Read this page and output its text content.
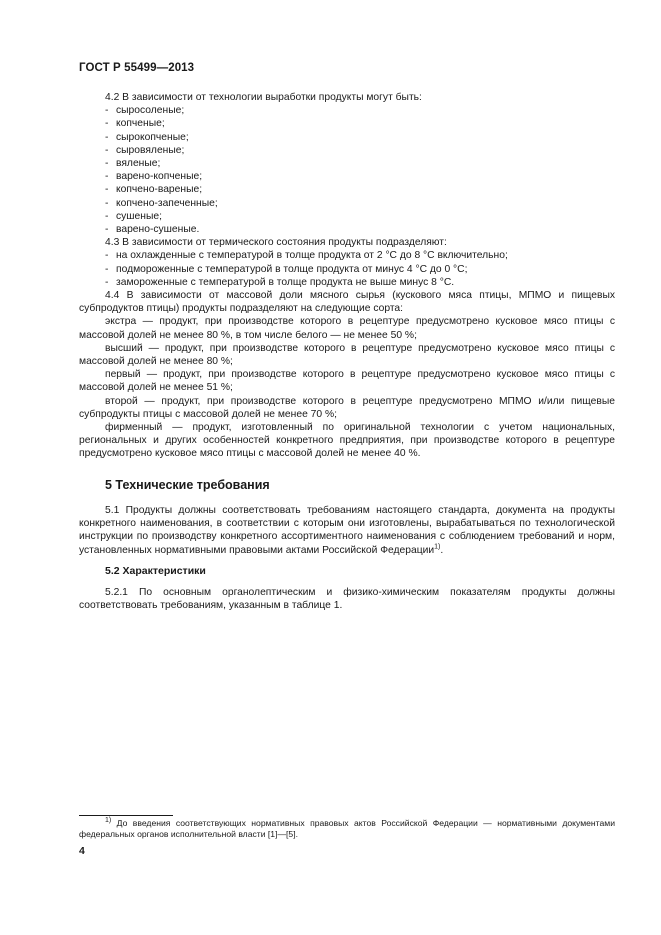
ГОСТ Р 55499—2013

4.2 В зависимости от технологии выработки продукты могут быть:

- сыросоленые;

- копченые;

- сырокопченые;

- сыровяленые;

- вяленые;

- варено-копченые;

- копчено-вареные;

- копчено-запеченные;

- сушеные;

- варено-сушеные.

4.3 В зависимости от термического состояния продукты подразделяют:

- на охлажденные с температурой в толще продукта от 2 °С до 8 °С включительно;

- подмороженные с температурой в толще продукта от минус 4 °С до 0 °С;

- замороженные с температурой в толще продукта не выше минус 8 °С.

4.4 В зависимости от массовой доли мясного сырья (кускового мяса птицы, МПМО и пищевых субпродуктов птицы) продукты подразделяют на следующие сорта:

экстра — продукт, при производстве которого в рецептуре предусмотрено кусковое мясо птицы с массовой долей не менее 80 %, в том числе белого — не менее 50 %;

высший — продукт, при производстве которого в рецептуре предусмотрено кусковое мясо птицы с массовой долей не менее 80 %;

первый — продукт, при производстве которого в рецептуре предусмотрено кусковое мясо птицы с массовой долей не менее 51 %;

второй — продукт, при производстве которого в рецептуре предусмотрено МПМО и/или пищевые субпродукты птицы с массовой долей не менее 70 %;

фирменный — продукт, изготовленный по оригинальной технологии с учетом национальных, региональных и других особенностей конкретного предприятия, при производстве которого в рецептуре предусмотрено кусковое мясо птицы с массовой долей не менее 40 %.

5 Технические требования

5.1 Продукты должны соответствовать требованиям настоящего стандарта, документа на продукты конкретного наименования, в соответствии с которым они изготовлены, вырабатываться по технологической инструкции по производству конкретного ассортиментного наименования с соблюдением требований и норм, установленных нормативными правовыми актами Российской Федерации$^{1)}$.

5.2 Характеристики

5.2.1 По основным органолептическим и физико-химическим показателям продукты должны соответствовать требованиям, указанным в таблице 1.

$^{1)}$ До введения соответствующих нормативных правовых актов Российской Федерации — нормативными документами федеральных органов исполнительной власти [1]—[5].
4
